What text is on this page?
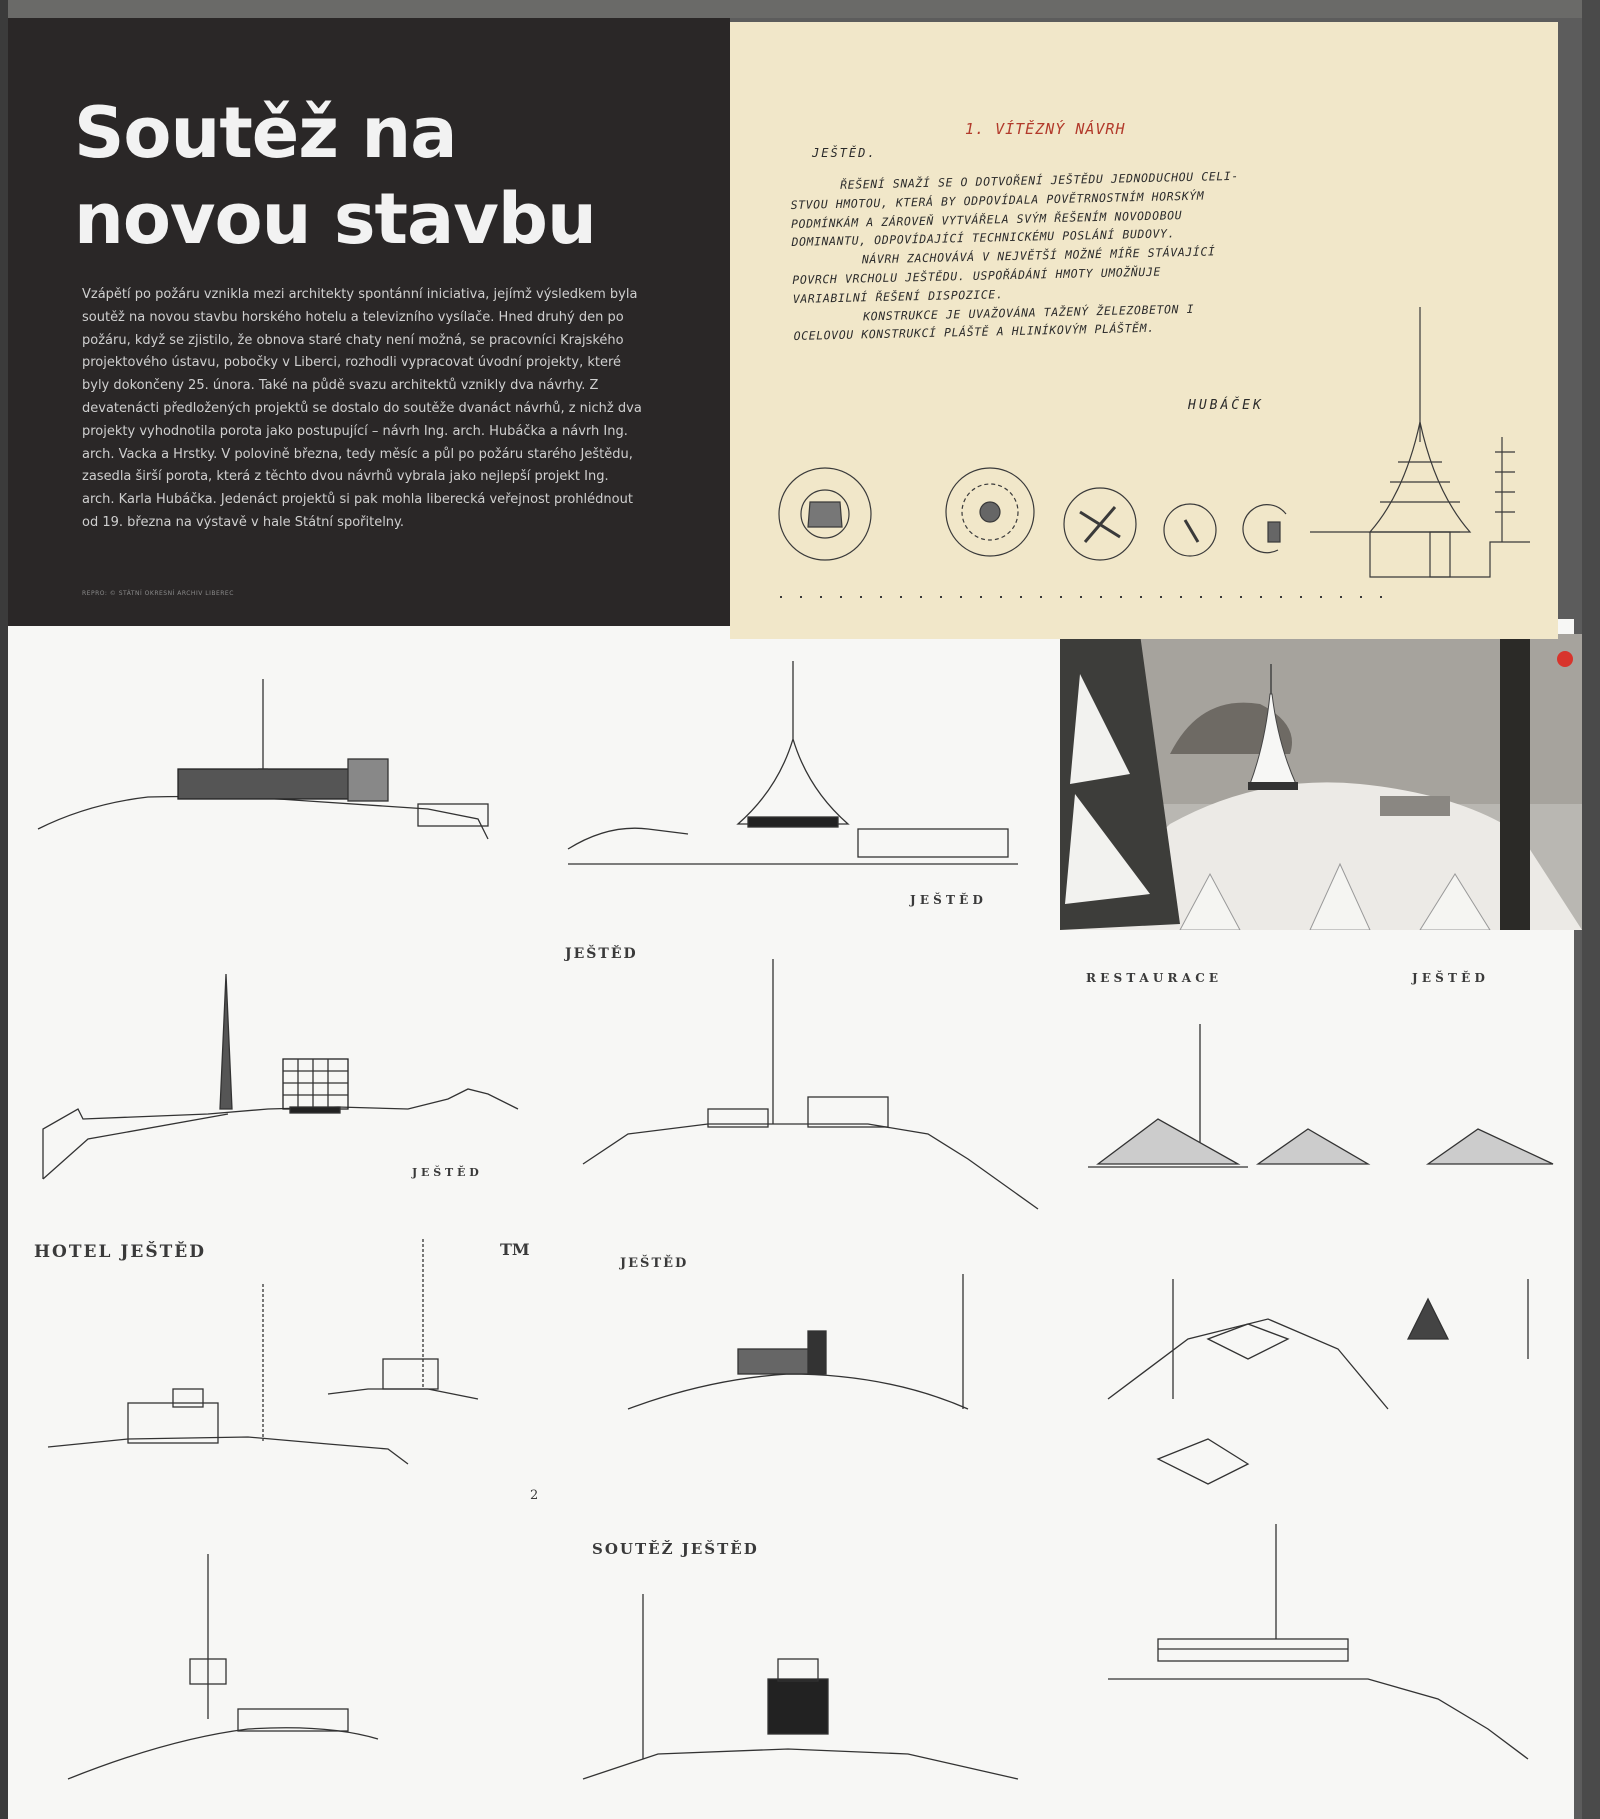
J E Š T Ě D

JEŠTĚD

R E S T A U R A C E	J E Š T Ě D

J E Š T Ě D

HOTEL JEŠTĚD	TM

JEŠTĚD

2

SOUTĚŽ JEŠTĚD

Soutěž na
novou stavbu

Vzápětí po požáru vznikla mezi architekty spontánní iniciativa, jejímž výsledkem byla soutěž na novou stavbu horského hotelu a televizního vysílače. Hned druhý den po požáru, když se zjistilo, že obnova staré chaty není možná, se pracovníci Krajského projektového ústavu, pobočky v Liberci, rozhodli vypracovat úvodní projekty, které byly dokončeny 25. února. Také na půdě svazu architektů vznikly dva návrhy. Z devatenácti předložených projektů se dostalo do soutěže dvanáct návrhů, z nichž dva projekty vyhodnotila porota jako postupující – návrh Ing. arch. Hubáčka a návrh Ing. arch. Vacka a Hrstky. V polovině března, tedy měsíc a půl po požáru starého Ještědu, zasedla širší porota, která z těchto dvou návrhů vybrala jako nejlepší projekt Ing. arch. Karla Hubáčka. Jedenáct projektů si pak mohla liberecká veřejnost prohlédnout od 19. března na výstavě v hale Státní spořitelny.

REPRO: © STÁTNÍ OKRESNÍ ARCHIV LIBEREC

1. VÍTĚZNÝ NÁVRH

JEŠTĚD.

ŘEŠENÍ SNAŽÍ SE O DOTVOŘENÍ JEŠTĚDU JEDNODUCHOU CELI-
STVOU HMOTOU, KTERÁ BY ODPOVÍDALA POVĚTRNOSTNÍM HORSKÝM
PODMÍNKÁM A ZÁROVEŇ VYTVÁŘELA SVÝM ŘEŠENÍM NOVODOBOU
DOMINANTU, ODPOVÍDAJÍCÍ TECHNICKÉMU POSLÁNÍ BUDOVY.
NÁVRH ZACHOVÁVÁ V NEJVĚTŠÍ MOŽNÉ MÍŘE STÁVAJÍCÍ
POVRCH VRCHOLU JEŠTĚDU. USPOŘÁDÁNÍ HMOTY UMOŽŇUJE
VARIABILNÍ ŘEŠENÍ DISPOZICE.
KONSTRUKCE JE UVAŽOVÁNA TAŽENÝ ŽELEZOBETON I
OCELOVOU KONSTRUKCÍ PLÁŠTĚ A HLINÍKOVÝM PLÁŠTĚM.

HUBÁČEK
